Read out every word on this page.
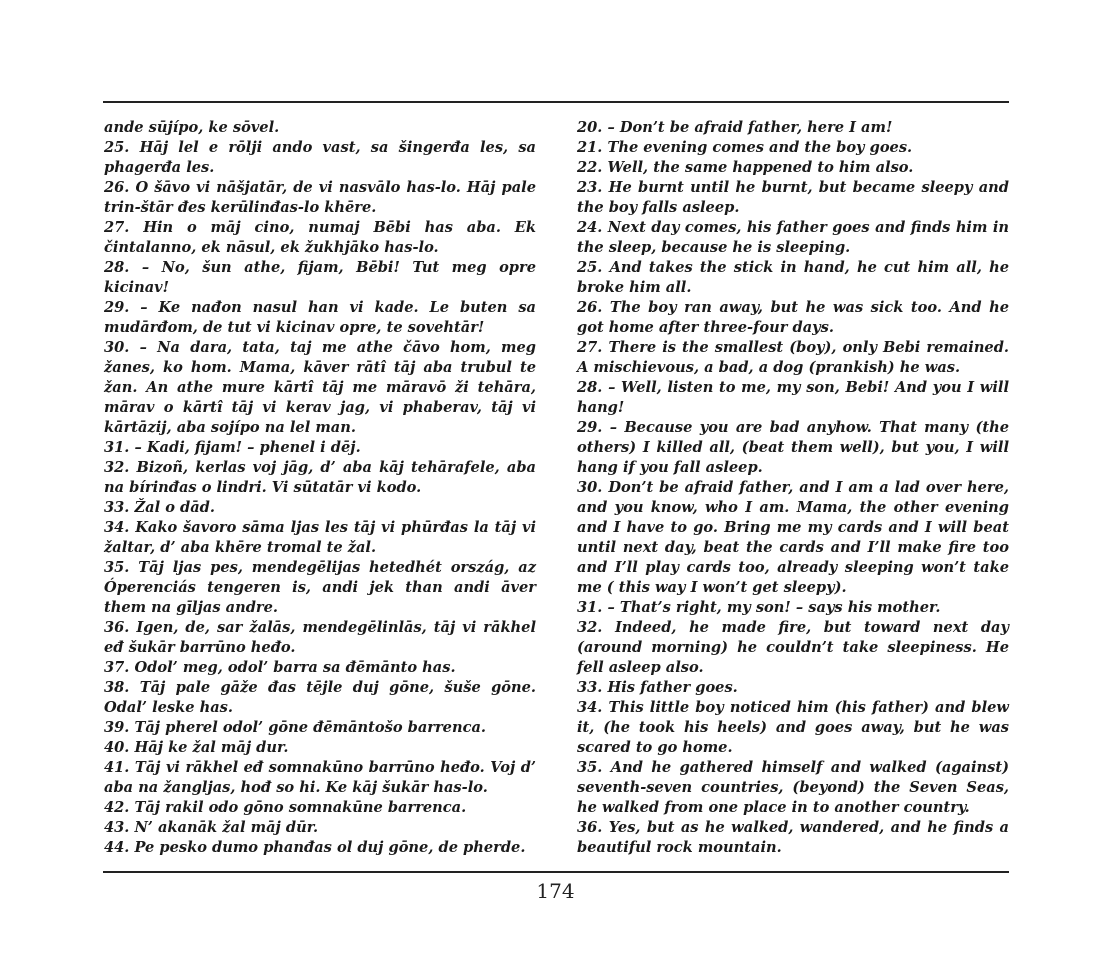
ande sūjípo, ke sōvel.

25. Hāj lel e rōlji ando vast, sa šingerđa les, sa phagerđa les.

26. O šāvo vi nāšjatār, de vi nasvālo has-lo. Hāj pale trin-štār đes kerūlinđas-lo khēre.

27. Hin o māj cino, numaj Bēbi has aba. Ek čintalanno, ek nāsul, ek žukhjāko has-lo.

28. – No, šun athe, fijam, Bēbi! Tut meg opre kicinav!

29. – Ke nađon nasul han vi kade. Le buten sa mudārđom, de tut vi kicinav opre, te sovehtār!

30. – Na dara, tata, taj me athe čāvo hom, meg žanes, ko hom. Mama, kāver rātî tāj aba trubul te žan. An athe mure kārtî tāj me māravō ži tehāra, mārav o kārtî tāj vi kerav jag, vi phaberav, tāj vi kārtāzij, aba sojípo na lel man.

31. – Kadi, fijam! – phenel i dēj.

32. Bizoñ, kerlas voj jāg, d’ aba kāj tehārafele, aba na bírinđas o lindri. Vi sūtatār vi kodo.

33. Žal o dād.

34. Kako šavoro sāma ljas les tāj vi phūrđas la tāj vi žaltar, d’ aba khēre tromal te žal.

35. Tāj ljas pes, mendegēlijas hetedhét ország, az Óperenciás tengeren is, andi jek than andi āver them na gīljas andre.

36. Igen, de, sar žalās, mendegēlinlās, tāj vi rākhel eđ šukār barrūno heđo.

37. Odol’ meg, odol’ barra sa đēmānto has.

38. Tāj pale gāže đas tējle duj gōne, šuše gōne. Odal’ leske has.

39. Tāj pherel odol’ gōne đēmāntošo barrenca.

40. Hāj ke žal māj dur.

41. Tāj vi rākhel eđ somnakūno barrūno heđo. Voj d’ aba na žangljas, hođ so hi. Ke kāj šukār has-lo.

42. Tāj rakil odo gōno somnakūne barrenca.

43. N’ akanāk žal māj dūr.

44. Pe pesko dumo phanđas ol duj gōne, de pherde.

20. – Don’t be afraid father, here I am!

21. The evening comes and the boy goes.

22. Well, the same happened to him also.

23. He burnt until he burnt, but became sleepy and the boy falls asleep.

24. Next day comes, his father goes and finds him in the sleep, because he is sleeping.

25. And takes the stick in hand, he cut him all, he broke him all.

26. The boy ran away, but he was sick too. And he got home after three-four days.

27. There is the smallest (boy), only Bebi remained. A mischievous, a bad, a dog (prankish) he was.

28. – Well, listen to me, my son, Bebi! And you I will hang!

29. – Because you are bad anyhow. That many (the others) I killed all, (beat them well), but you, I will hang if you fall asleep.

30. Don’t be afraid father, and I am a lad over here, and you know, who I am. Mama, the other evening and I have to go. Bring me my cards and I will beat until next day, beat the cards and I’ll make fire too and I’ll play cards too, already sleeping won’t take me ( this way I won’t get sleepy).

31. – That’s right, my son! – says his mother.

32. Indeed, he made fire, but toward next day (around morning) he couldn’t take sleepiness. He fell asleep also.

33. His father goes.

34. This little boy noticed him (his father) and blew it, (he took his heels) and goes away, but he was scared to go home.

35. And he gathered himself and walked (against) seventh-seven countries, (beyond) the Seven Seas, he walked from one place in to another country.

36. Yes, but as he walked, wandered, and he finds a beautiful rock mountain.

174
